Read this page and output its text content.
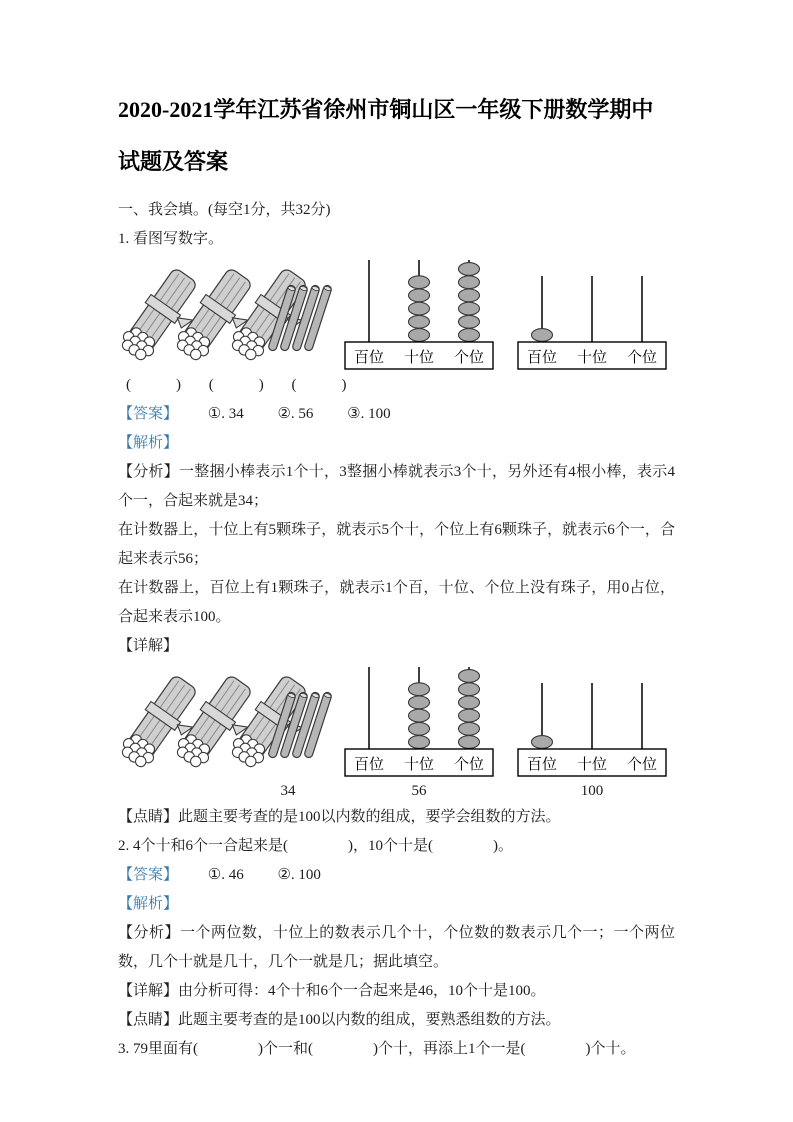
2020-2021学年江苏省徐州市铜山区一年级下册数学期中试题及答案

一、我会填。(每空1分，共32分)

1. 看图写数字。

百位 十位 个位	百位 十位 个位
(　　　) (　　　) (　　　)

【答案】 ①. 34 ②. 56 ③. 100

【解析】

【分析】一整捆小棒表示1个十，3整捆小棒就表示3个十，另外还有4根小棒，表示4个一，合起来就是34；

在计数器上，十位上有5颗珠子，就表示5个十，个位上有6颗珠子，就表示6个一，合起来表示56；

在计数器上，百位上有1颗珠子，就表示1个百，十位、个位上没有珠子，用0占位，合起来表示100。

【详解】

百位 十位 个位	百位 十位 个位
34	56	100

【点睛】此题主要考查的是100以内数的组成，要学会组数的方法。

2. 4个十和6个一合起来是(　　　　)，10个十是(　　　　)。

【答案】 ①. 46 ②. 100

【解析】

【分析】一个两位数，十位上的数表示几个十，个位数的数表示几个一；一个两位数，几个十就是几十，几个一就是几；据此填空。

【详解】由分析可得：4个十和6个一合起来是46，10个十是100。

【点睛】此题主要考查的是100以内数的组成，要熟悉组数的方法。

3. 79里面有(　　　　)个一和(　　　　)个十，再添上1个一是(　　　　)个十。
